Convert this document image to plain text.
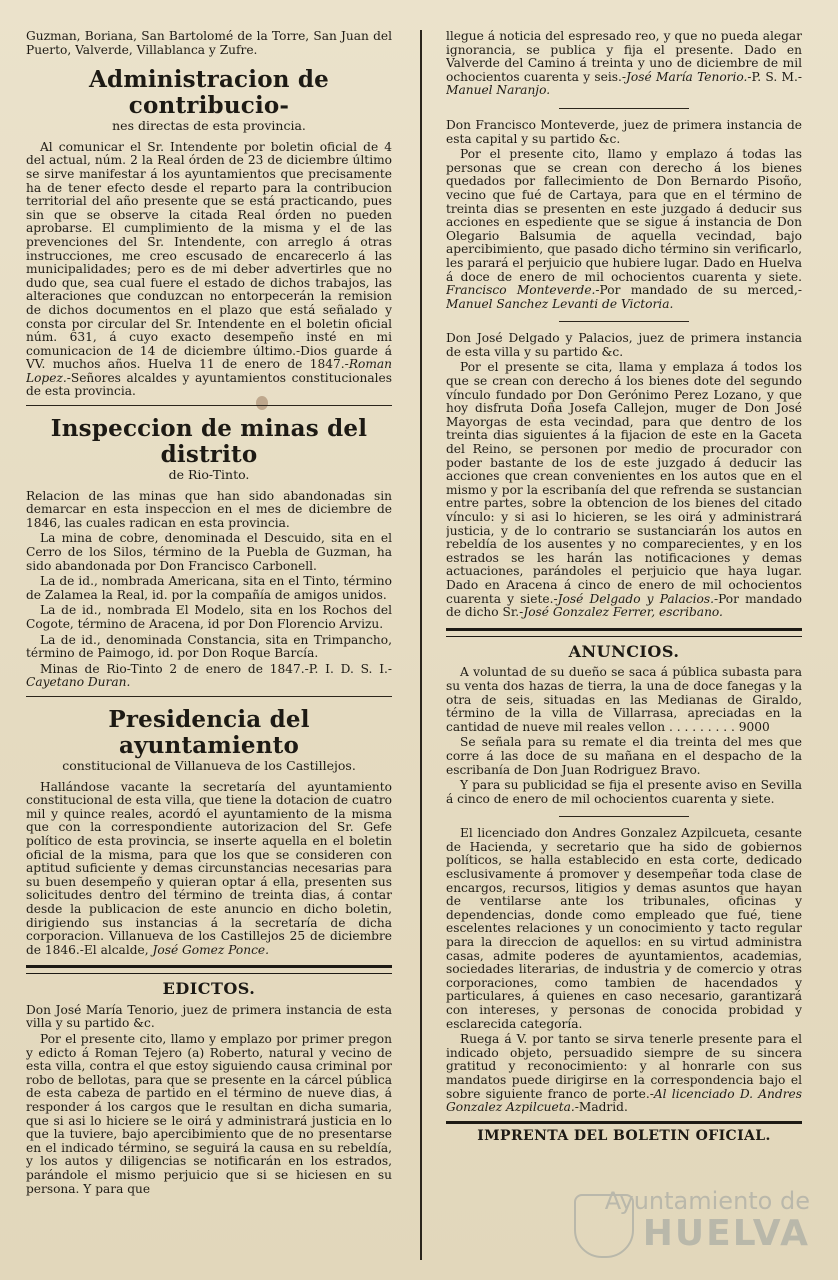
Guzman, Boriana, San Bartolomé de la Torre, San Juan del Puerto, Valverde, Villablanca y Zufre.

Administracion de contribucio-
nes directas de esta provincia.

Al comunicar el Sr. Intendente por boletin oficial de 4 del actual, núm. 2 la Real órden de 23 de diciembre último se sirve manifestar á los ayuntamientos que precisamente ha de tener efecto desde el reparto para la contribucion territorial del año presente que se está practicando, pues sin que se observe la citada Real órden no pueden aprobarse. El cumplimiento de la misma y el de las prevenciones del Sr. Intendente, con arreglo á otras instrucciones, me creo escusado de encarecerlo á las municipalidades; pero es de mi deber advertirles que no dudo que, sea cual fuere el estado de dichos trabajos, las alteraciones que conduzcan no entorpecerán la remision de dichos documentos en el plazo que está señalado y consta por circular del Sr. Intendente en el boletin oficial núm. 631, á cuyo exacto desempeño insté en mi comunicacion de 14 de diciembre último.-Dios guarde á VV. muchos años. Huelva 11 de enero de 1847.-Roman Lopez.-Señores alcaldes y ayuntamientos constitucionales de esta provincia.

Inspeccion de minas del distrito
de Rio-Tinto.

Relacion de las minas que han sido abandonadas sin demarcar en esta inspeccion en el mes de diciembre de 1846, las cuales radican en esta provincia.

La mina de cobre, denominada el Descuido, sita en el Cerro de los Silos, término de la Puebla de Guzman, ha sido abandonada por Don Francisco Carbonell.

La de id., nombrada Americana, sita en el Tinto, término de Zalamea la Real, id. por la compañía de amigos unidos.

La de id., nombrada El Modelo, sita en los Rochos del Cogote, término de Aracena, id por Don Florencio Arvizu.

La de id., denominada Constancia, sita en Trimpancho, término de Paimogo, id. por Don Roque Barcía.

Minas de Rio-Tinto 2 de enero de 1847.-P. I. D. S. I.- Cayetano Duran.

Presidencia del ayuntamiento
constitucional de Villanueva de los Castillejos.

Hallándose vacante la secretaría del ayuntamiento constitucional de esta villa, que tiene la dotacion de cuatro mil y quince reales, acordó el ayuntamiento de la misma que con la correspondiente autorizacion del Sr. Gefe político de esta provincia, se inserte aquella en el boletin oficial de la misma, para que los que se consideren con aptitud suficiente y demas circunstancias necesarias para su buen desempeño y quieran optar á ella, presenten sus solicitudes dentro del término de treinta dias, á contar desde la publicacion de este anuncio en dicho boletin, dirigiendo sus instancias á la secretaría de dicha corporacion. Villanueva de los Castillejos 25 de diciembre de 1846.-El alcalde, José Gomez Ponce.

EDICTOS.

Don José María Tenorio, juez de primera instancia de esta villa y su partido &c.

Por el presente cito, llamo y emplazo por primer pregon y edicto á Roman Tejero (a) Roberto, natural y vecino de esta villa, contra el que estoy siguiendo causa criminal por robo de bellotas, para que se presente en la cárcel pública de esta cabeza de partido en el término de nueve dias, á responder á los cargos que le resultan en dicha sumaria, que si asi lo hiciere se le oirá y administrará justicia en lo que la tuviere, bajo apercibimiento que de no presentarse en el indicado término, se seguirá la causa en su rebeldía, y los autos y diligencias se notificarán en los estrados, parándole el mismo perjuicio que si se hiciesen en su persona. Y para que

llegue á noticia del espresado reo, y que no pueda alegar ignorancia, se publica y fija el presente. Dado en Valverde del Camino á treinta y uno de diciembre de mil ochocientos cuarenta y seis.-José María Tenorio.-P. S. M.-Manuel Naranjo.

Don Francisco Monteverde, juez de primera instancia de esta capital y su partido &c.

Por el presente cito, llamo y emplazo á todas las personas que se crean con derecho á los bienes quedados por fallecimiento de Don Bernardo Pisoño, vecino que fué de Cartaya, para que en el término de treinta dias se presenten en este juzgado á deducir sus acciones en espediente que se sigue á instancia de Don Olegario Balsumia de aquella vecindad, bajo apercibimiento, que pasado dicho término sin verificarlo, les parará el perjuicio que hubiere lugar. Dado en Huelva á doce de enero de mil ochocientos cuarenta y siete. Francisco Monteverde.-Por mandado de su merced,-Manuel Sanchez Levanti de Victoria.

Don José Delgado y Palacios, juez de primera instancia de esta villa y su partido &c.

Por el presente se cita, llama y emplaza á todos los que se crean con derecho á los bienes dote del segundo vínculo fundado por Don Gerónimo Perez Lozano, y que hoy disfruta Doña Josefa Callejon, muger de Don José Mayorgas de esta vecindad, para que dentro de los treinta dias siguientes á la fijacion de este en la Gaceta del Reino, se personen por medio de procurador con poder bastante de los de este juzgado á deducir las acciones que crean convenientes en los autos que en el mismo y por la escribanía del que refrenda se sustancian entre partes, sobre la obtencion de los bienes del citado vínculo: y si asi lo hicieren, se les oirá y administrará justicia, y de lo contrario se sustanciarán los autos en rebeldía de los ausentes y no comparecientes, y en los estrados se les harán las notificaciones y demas actuaciones, parándoles el perjuicio que haya lugar. Dado en Aracena á cinco de enero de mil ochocientos cuarenta y siete.-José Delgado y Palacios.-Por mandado de dicho Sr.-José Gonzalez Ferrer, escribano.

ANUNCIOS.

A voluntad de su dueño se saca á pública subasta para su venta dos hazas de tierra, la una de doce fanegas y la otra de seis, situadas en las Medianas de Giraldo, término de la villa de Villarrasa, apreciadas en la cantidad de nueve mil reales vellon . . . . . . . . . 9000

Se señala para su remate el dia treinta del mes que corre á las doce de su mañana en el despacho de la escribanía de Don Juan Rodriguez Bravo.

Y para su publicidad se fija el presente aviso en Sevilla á cinco de enero de mil ochocientos cuarenta y siete.

El licenciado don Andres Gonzalez Azpilcueta, cesante de Hacienda, y secretario que ha sido de gobiernos políticos, se halla establecido en esta corte, dedicado esclusivamente á promover y desempeñar toda clase de encargos, recursos, litigios y demas asuntos que hayan de ventilarse ante los tribunales, oficinas y dependencias, donde como empleado que fué, tiene escelentes relaciones y un conocimiento y tacto regular para la direccion de aquellos: en su virtud administra casas, admite poderes de ayuntamientos, academias, sociedades literarias, de industria y de comercio y otras corporaciones, como tambien de hacendados y particulares, á quienes en caso necesario, garantizará con intereses, y personas de conocida probidad y esclarecida categoría.

Ruega á V. por tanto se sirva tenerle presente para el indicado objeto, persuadido siempre de su sincera gratitud y reconocimiento: y al honrarle con sus mandatos puede dirigirse en la correspondencia bajo el sobre siguiente franco de porte.-Al licenciado D. Andres Gonzalez Azpilcueta.-Madrid.

IMPRENTA DEL BOLETIN OFICIAL.
Ayuntamiento de
HUELVA
